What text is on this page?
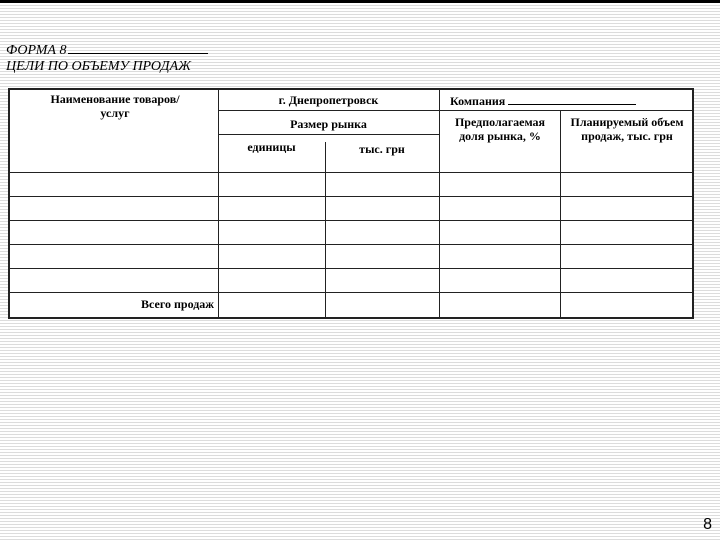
ФОРМА 8
ЦЕЛИ ПО ОБЪЕМУ ПРОДАЖ
Наименование товаров/услуг
г. Днепропетровск	Компания
Размер рынка
единицы	тыс. грн
Предполагаемая доля рынка, %
Планируемый объем продаж, тыс. грн
Всего продаж
8
